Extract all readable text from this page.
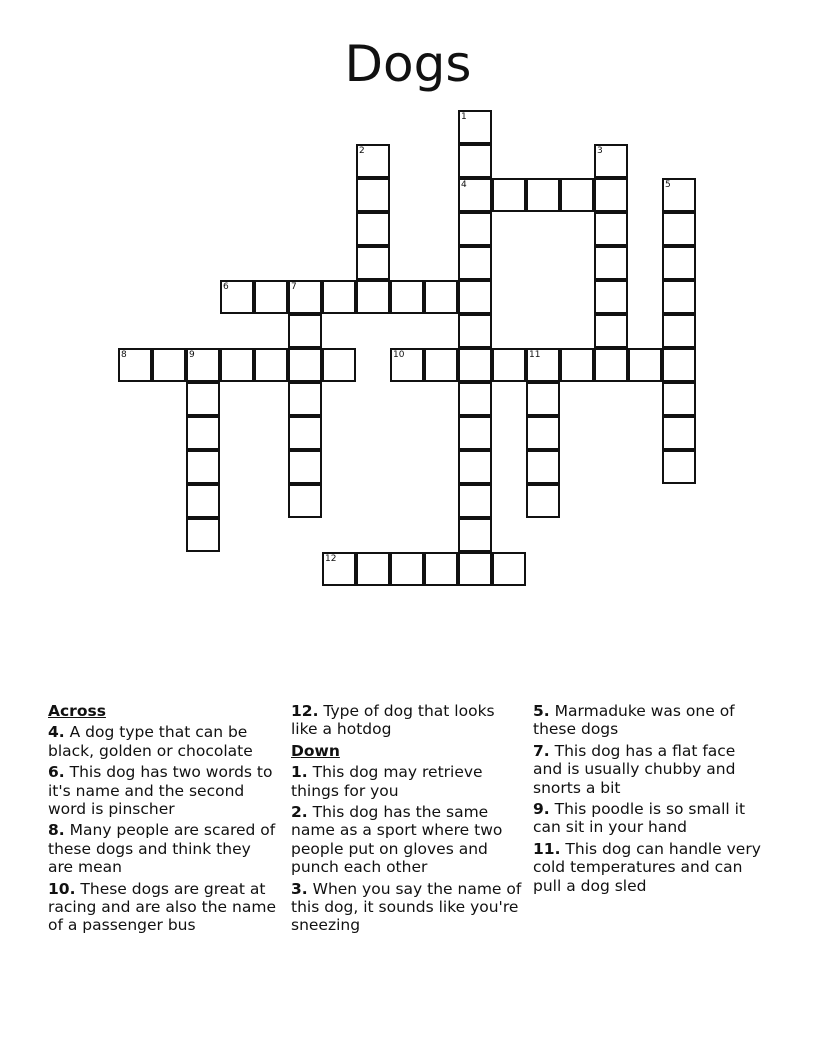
Dogs
1
4
2	3
5
6	7
8	9	10	11
12
Across
4. A dog type that can be black, golden or chocolate
6. This dog has two words to it's name and the second word is pinscher
8. Many people are scared of these dogs and think they are mean
10. These dogs are great at racing and are also the name of a passenger bus
12. Type of dog that looks like a hotdog
Down
1. This dog may retrieve things for you
2. This dog has the same name as a sport where two people put on gloves and punch each other
3. When you say the name of this dog, it sounds like you're sneezing
5. Marmaduke was one of these dogs
7. This dog has a flat face and is usually chubby and snorts a bit
9. This poodle is so small it can sit in your hand
11. This dog can handle very cold temperatures and can pull a dog sled
